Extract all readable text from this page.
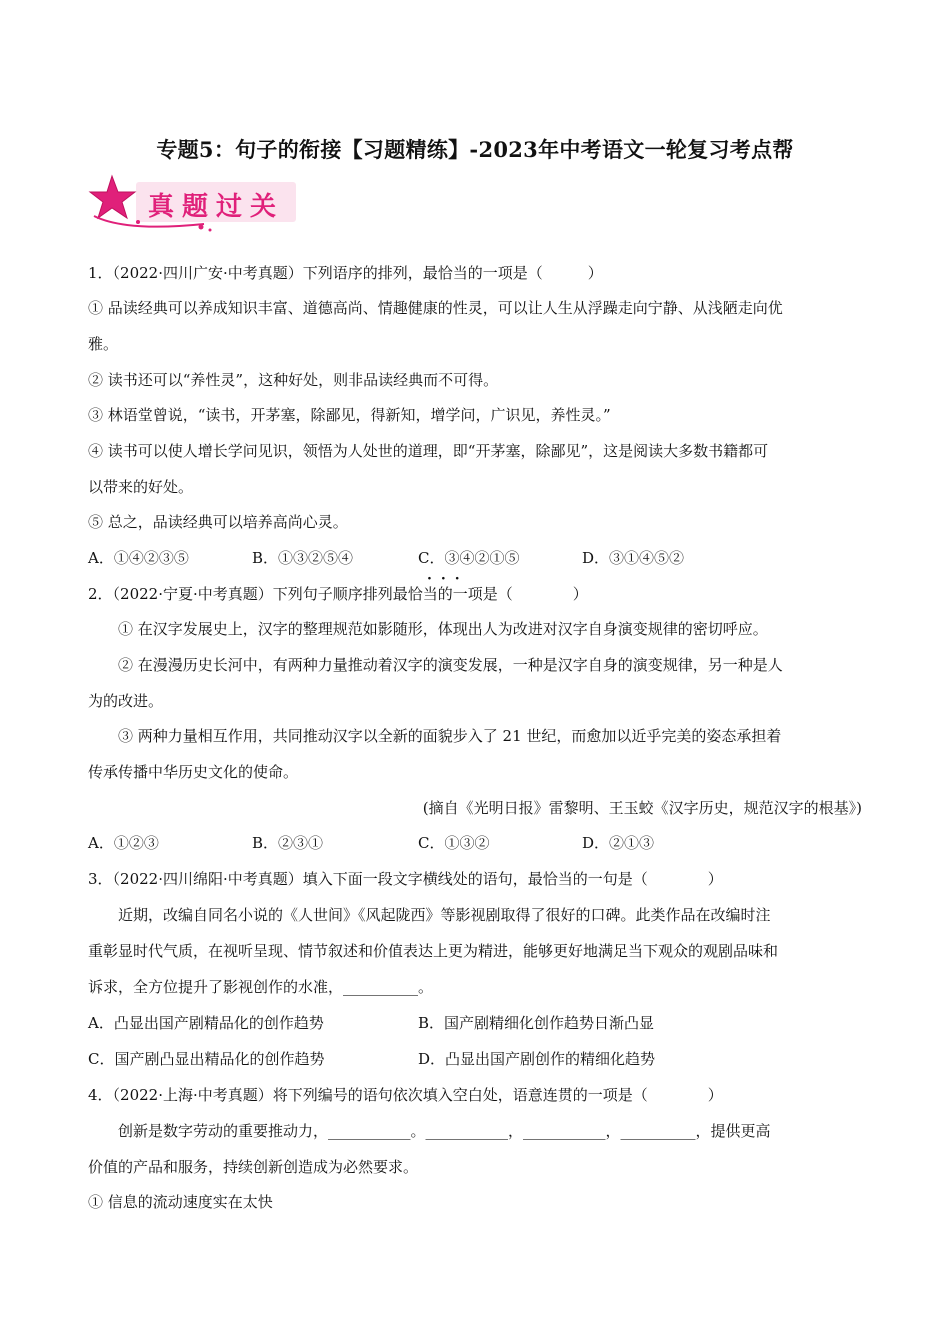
专题5：句子的衔接【习题精练】-2023年中考语文一轮复习考点帮
真题过关
1．（2022·四川广安·中考真题）下列语序的排列，最恰当的一项是（　　　）
① 品读经典可以养成知识丰富、道德高尚、情趣健康的性灵，可以让人生从浮躁走向宁静、从浅陋走向优
雅。
② 读书还可以“养性灵”，这种好处，则非品读经典而不可得。
③ 林语堂曾说，“读书，开茅塞，除鄙见，得新知，增学问，广识见，养性灵。”
④ 读书可以使人增长学问见识，领悟为人处世的道理，即“开茅塞，除鄙见”，这是阅读大多数书籍都可
以带来的好处。
⑤ 总之，品读经典可以培养高尚心灵。
A．①④②③⑤	B．①③②⑤④	C．③④②①⑤	D．③①④⑤②
···
2．（2022·宁夏·中考真题）下列句子顺序排列最恰当的一项是（　　　　）
① 在汉字发展史上，汉字的整理规范如影随形，体现出人为改进对汉字自身演变规律的密切呼应。
② 在漫漫历史长河中，有两种力量推动着汉字的演变发展，一种是汉字自身的演变规律，另一种是人
为的改进。
③ 两种力量相互作用，共同推动汉字以全新的面貌步入了 21 世纪，而愈加以近乎完美的姿态承担着
传承传播中华历史文化的使命。
(摘自《光明日报》雷黎明、王玉蛟《汉字历史，规范汉字的根基》)
A．①②③	B．②③①	C．①③②	D．②①③
3．（2022·四川绵阳·中考真题）填入下面一段文字横线处的语句，最恰当的一句是（　　　　）
近期，改编自同名小说的《人世间》《风起陇西》等影视剧取得了很好的口碑。此类作品在改编时注
重彰显时代气质，在视听呈现、情节叙述和价值表达上更为精进，能够更好地满足当下观众的观剧品味和
诉求，全方位提升了影视创作的水准，__________。
A．凸显出国产剧精品化的创作趋势	B．国产剧精细化创作趋势日渐凸显
C．国产剧凸显出精品化的创作趋势	D．凸显出国产剧创作的精细化趋势
4．（2022·上海·中考真题）将下列编号的语句依次填入空白处，语意连贯的一项是（　　　　）
创新是数字劳动的重要推动力，___________。___________，___________，__________，提供更高
价值的产品和服务，持续创新创造成为必然要求。
① 信息的流动速度实在太快
